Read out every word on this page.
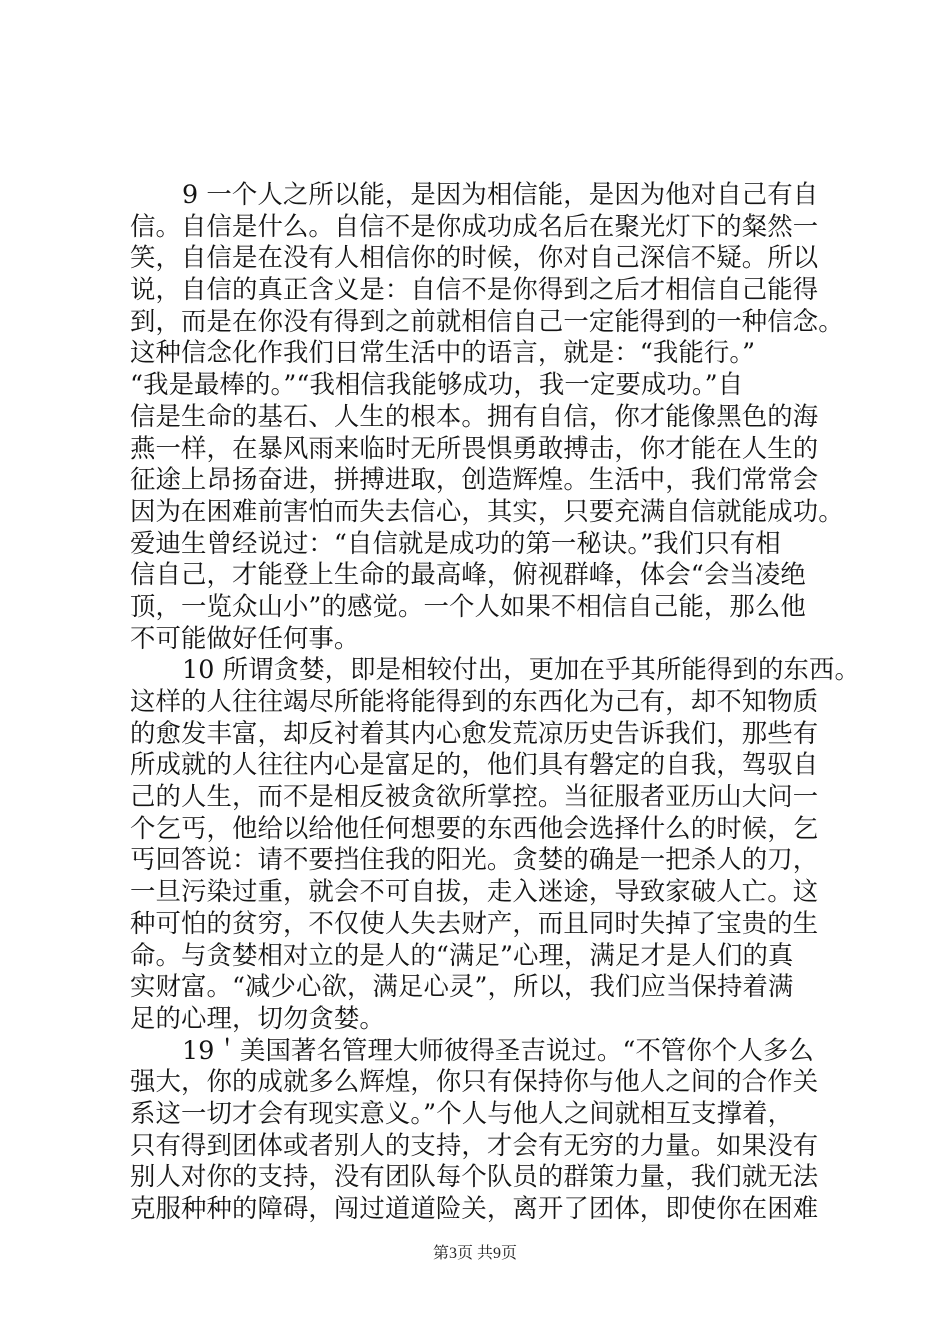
9 一个人之所以能，是因为相信能，是因为他对自己有自
信。自信是什么。自信不是你成功成名后在聚光灯下的粲然一
笑，自信是在没有人相信你的时候，你对自己深信不疑。所以
说，自信的真正含义是：自信不是你得到之后才相信自己能得
到，而是在你没有得到之前就相信自己一定能得到的一种信念。
这种信念化作我们日常生活中的语言，就是：“我能行。”
“我是最棒的。”“我相信我能够成功，我一定要成功。”自
信是生命的基石、人生的根本。拥有自信，你才能像黑色的海
燕一样，在暴风雨来临时无所畏惧勇敢搏击，你才能在人生的
征途上昂扬奋进，拼搏进取，创造辉煌。生活中，我们常常会
因为在困难前害怕而失去信心，其实，只要充满自信就能成功。
爱迪生曾经说过：“自信就是成功的第一秘诀。”我们只有相
信自己，才能登上生命的最高峰，俯视群峰，体会“会当凌绝
顶，一览众山小”的感觉。一个人如果不相信自己能，那么他
不可能做好任何事。
10 所谓贪婪，即是相较付出，更加在乎其所能得到的东西。
这样的人往往竭尽所能将能得到的东西化为己有，却不知物质
的愈发丰富，却反衬着其内心愈发荒凉历史告诉我们，那些有
所成就的人往往内心是富足的，他们具有磐定的自我，驾驭自
己的人生，而不是相反被贪欲所掌控。当征服者亚历山大问一
个乞丐，他给以给他任何想要的东西他会选择什么的时候，乞
丐回答说：请不要挡住我的阳光。贪婪的确是一把杀人的刀，
一旦污染过重，就会不可自拔，走入迷途，导致家破人亡。这
种可怕的贫穷，不仅使人失去财产，而且同时失掉了宝贵的生
命。与贪婪相对立的是人的“满足”心理，满足才是人们的真
实财富。“减少心欲，满足心灵”，所以，我们应当保持着满
足的心理，切勿贪婪。
19＇美国著名管理大师彼得圣吉说过。“不管你个人多么
强大，你的成就多么辉煌，你只有保持你与他人之间的合作关
系这一切才会有现实意义。”个人与他人之间就相互支撑着，
只有得到团体或者别人的支持，才会有无穷的力量。如果没有
别人对你的支持，没有团队每个队员的群策力量，我们就无法
克服种种的障碍，闯过道道险关，离开了团体，即使你在困难
第3页 共9页
